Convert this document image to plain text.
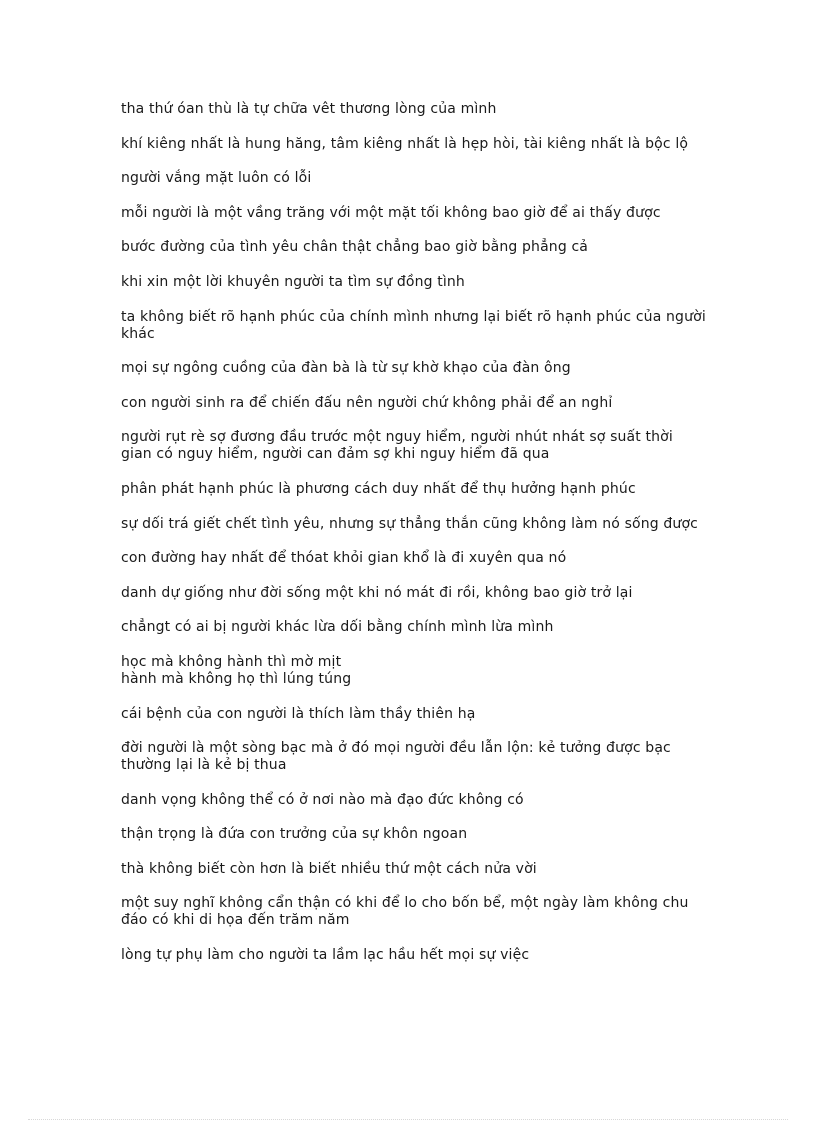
tha thứ óan thù là tự chữa vêt thương lòng của mình
khí kiêng nhất là hung hăng, tâm kiêng nhất là hẹp hòi, tài kiêng nhất là bộc lộ
người vắng mặt luôn có lỗi
mỗi người là một vầng trăng với một mặt tối không bao giờ để ai thấy được
bước đường của tình yêu chân thật chẳng bao giờ bằng phẳng cả
khi xin một lời khuyên người ta tìm sự đồng tình
ta không biết rõ hạnh phúc của chính mình nhưng lại biết rõ hạnh phúc của người khác
mọi sự ngông cuồng của đàn bà là từ sự khờ khạo của đàn ông
con người sinh ra để chiến đấu nên người chứ không phải để an nghỉ
người rụt rè sợ đương đầu trước một nguy hiểm, người nhút nhát sợ suất thời gian có nguy hiểm, người can đảm sợ khi nguy hiểm đã qua
phân phát hạnh phúc là phương cách duy nhất để thụ hưởng hạnh phúc
sự dối trá giết chết tình yêu, nhưng sự thẳng thắn cũng không làm nó sống được
con đường hay nhất để thóat khỏi gian khổ là đi xuyên qua nó
danh dự giống như đời sống một khi nó mát đi rồi, không bao giờ trở lại
chẳngt có ai bị người khác lừa dối bằng chính mình lừa mình
học mà không hành thì mờ mịt
hành mà không họ thì lúng túng
cái bệnh của con người là thích làm thầy thiên hạ
đời người là một sòng bạc mà ở đó mọi người đều lẫn lộn: kẻ tưởng được bạc thường lại là kẻ bị thua
danh vọng không thể có ở nơi nào mà đạo đức không có
thận trọng là đứa con trưởng của sự khôn ngoan
thà không biết còn hơn là biết nhiều thứ một cách nửa vời
một suy nghĩ không cẩn thận có khi để lo cho bốn bể, một ngày làm không chu đáo có khi di họa đến trăm năm
lòng tự phụ làm cho người ta lầm lạc hầu hết mọi sự việc
